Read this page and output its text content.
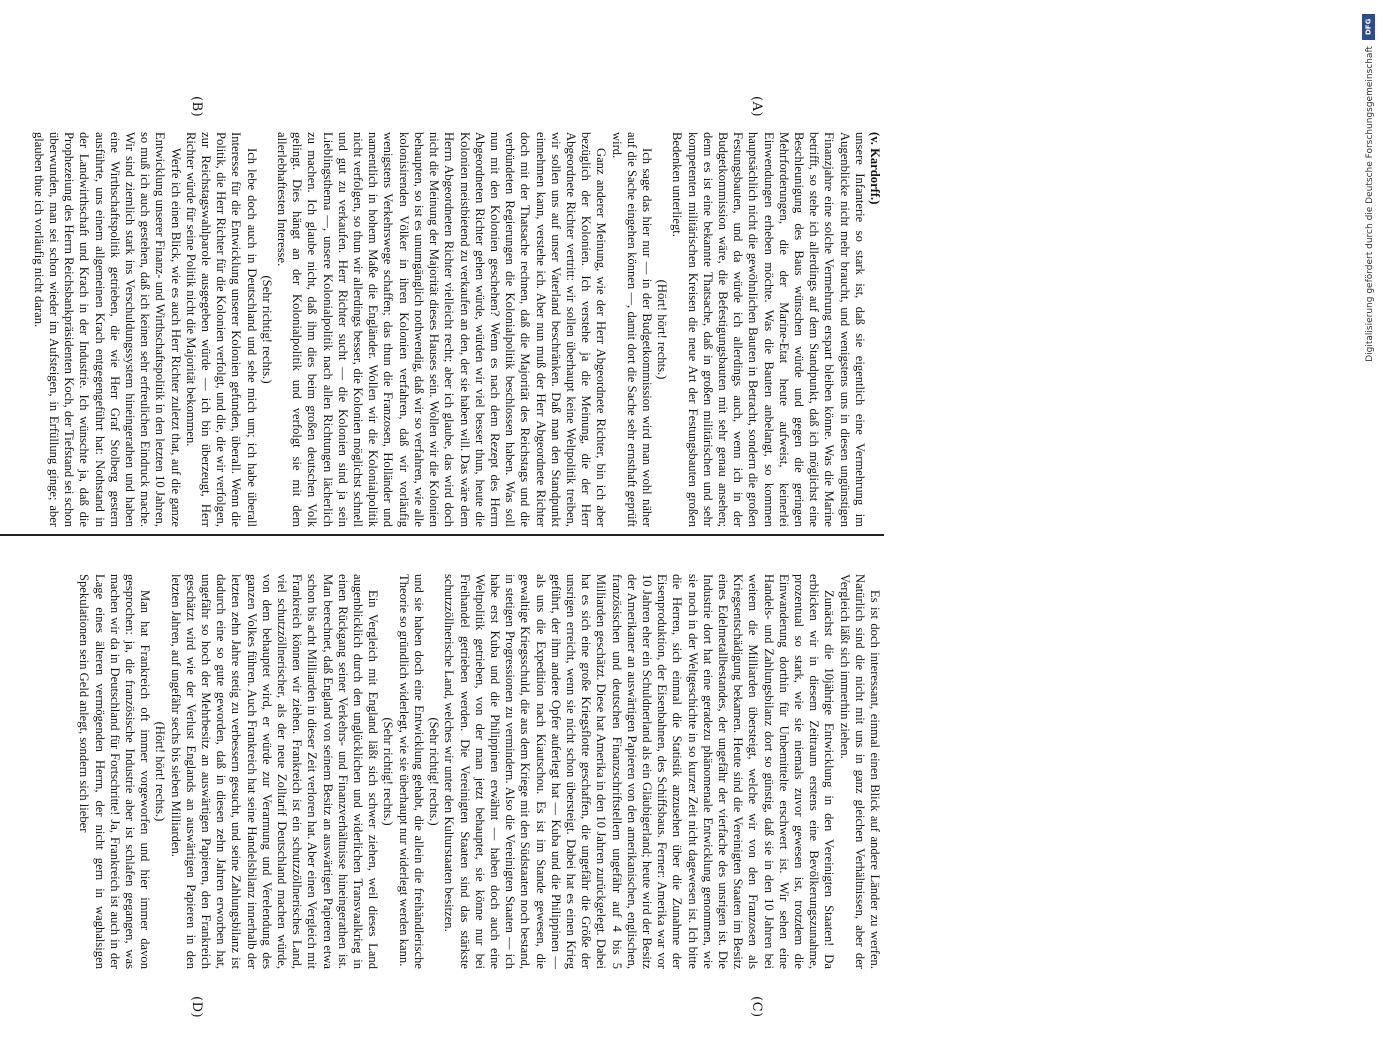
DFG
Digitalisierung gefördert durch die Deutsche Forschungsgemeinschaft
(A)
(B)
(C)
(D)

(v. Kardorff.)

unsere Infanterie so stark ist, daß sie eigentlich eine Vermehrung im Augenblicke nicht mehr braucht, und wenigstens uns in diesen ungünstigen Finanzjahre eine solche Vermehrung erspart bleiben könne. Was die Marine betrifft, so stehe ich allerdings auf dem Standpunkt, daß ich möglichst eine Beschleunigung des Baus wünschen würde und gegen die geringen Mehrforderungen, die der Marine-Etat heute aufweist, keinerlei Einwendungen erheben möchte. Was die Bauten anbelangt, so kommen hauptsächlich nicht die gewöhnlichen Bauten in Betracht, sondern die großen Festungsbauten, und da würde ich allerdings auch, wenn ich in der Budgetkommission wäre, die Befestigungsbauten mit sehr genau ansehen; denn es ist eine bekannte Thatsache, daß in großen militärischen und sehr kompetenten militärischen Kreisen die neue Art der Festungsbauten großen Bedenken unterliegt.

(Hört! hört! rechts.)

Ich sage das hier nur — in der Budgetkommission wird man wohl näher auf die Sache eingehen können —, damit dort die Sache sehr ernsthaft geprüft wird.

Ganz anderer Meinung, wie der Herr Abgeordnete Richter, bin ich aber bezüglich der Kolonien. Ich verstehe ja die Meinung, die der Herr Abgeordnete Richter vertritt: wir sollen überhaupt keine Weltpolitik treiben, wir sollen uns auf unser Vaterland beschränken. Daß man den Standpunkt einnehmen kann, verstehe ich. Aber nun muß der Herr Abgeordnete Richter doch mit der Thatsache rechnen, daß die Majorität des Reichstags und die verbündeten Regierungen die Kolonialpolitik beschlossen haben. Was soll nun mit den Kolonien geschehen? Wenn es nach dem Rezept des Herrn Abgeordneten Richter gehen würde, würden wir viel besser thun, heute die Kolonien meistbietend zu verkaufen an den, der sie haben will. Das wäre dem Herrn Abgeordneten Richter vielleicht recht; aber ich glaube, das wird doch nicht die Meinung der Majorität dieses Hauses sein. Wollen wir die Kolonien behaupten, so ist es unumgänglich nothwendig, daß wir so verfahren, wie alle kolonisirenden Völker in ihren Kolonien verfahren, daß wir vorläufig wenigstens Verkehrswege schaffen; das thun die Franzosen, Holländer und namentlich in hohem Maße die Engländer. Wollen wir die Kolonialpolitik nicht verfolgen, so thun wir allerdings besser, die Kolonien möglichst schnell und gut zu verkaufen. Herr Richter sucht — die Kolonien sind ja sein Lieblingsthema —, unsere Kolonialpolitik nach allen Richtungen lächerlich zu machen. Ich glaube nicht, daß ihm dies beim großen deutschen Volk gelingt. Dies hängt an der Kolonialpolitik und verfolgt sie mit dem allerlebhaftesten Interesse.

(Sehr richtig! rechts.)

Ich lebe doch auch in Deutschland und sehe mich um; ich habe überall Interesse für die Entwicklung unserer Kolonien gefunden, überall. Wenn die Politik, die Herr Richter für die Kolonien verfolgt, und die, die wir verfolgen, zur Reichstagswahlparole ausgegeben würde — ich bin überzeugt, Herr Richter würde für seine Politik nicht die Majorität bekommen.

Werfe ich einen Blick, wie es auch Herr Richter zuletzt that, auf die ganze Entwicklung unserer Finanz- und Wirthschaftspolitik in den letzten 10 Jahren, so muß ich auch gestehen, daß ich keinen sehr erfreulichen Eindruck mache. Wir sind ziemlich stark ins Verschuldungssystem hineingerathen und haben eine Wirthschaftspolitik getrieben, die wie Herr Graf Stolberg gestern ausführte, uns einem allgemeinen Krach entgegengeführt hat: Nothstand in der Landwirthschaft und Krach in der Industrie. Ich wünschte ja, daß die Prophezeiung des Herrn Reichsbankpräsidenten Koch, der Tiefstand sei schon überwunden, man sei schon wieder im Aufsteigen, in Erfüllung ginge; aber glauben thue ich vorläufig nicht daran.

Es ist doch interessant, einmal einen Blick auf andere Länder zu werfen. Natürlich sind die nicht mit uns in ganz gleichen Verhältnissen, aber der Vergleich läßt sich immerhin ziehen.

Zunächst die 10jährige Entwicklung in den Vereinigten Staaten! Da erblicken wir in diesem Zeitraum erstens eine Bevölkerungszunahme, prozentual so stark, wie sie niemals zuvor gewesen ist, trotzdem die Einwanderung dorthin für Unbemittelte erschwert ist. Wir sehen eine Handels- und Zahlungsbilanz dort so günstig, daß sie in den 10 Jahren bei weitem die Milliarden übersteigt, welche wir von den Franzosen als Kriegsentschädigung bekamen. Heute sind die Vereinigten Staaten im Besitz eines Edelmetallbestandes, der ungefähr der vierfache des unsrigen ist. Die Industrie dort hat eine geradezu phänomenale Entwicklung genommen, wie sie noch in der Weltgeschichte in so kurzer Zeit nicht dagewesen ist. Ich bitte die Herren, sich einmal die Statistik anzusehen über die Zunahme der Eisenproduktion, der Eisenbahnen, des Schiffsbaus. Ferner: Amerika war vor 10 Jahren eher ein Schuldnerland als ein Gläubigerland; heute wird der Besitz der Amerikaner an auswärtigen Papieren von den amerikanischen, englischen, französischen und deutschen Finanzschriftstellern ungefähr auf 4 bis 5 Milliarden geschätzt. Diese hat Amerika in den 10 Jahren zurückgelegt. Dabei hat es sich eine große Kriegsflotte geschaffen, die ungefähr die Größe der unsrigen erreicht, wenn sie nicht schon übersteigt. Dabei hat es einen Krieg geführt, der ihm andere Opfer auferlegt hat — Kuba und die Philippinen — als uns die Expedition nach Kiautschou. Es ist im Stande gewesen, die gewaltige Kriegsschuld, die aus dem Kriege mit den Südstaaten noch bestand, in stetigen Progressionen zu vermindern. Also die Vereinigten Staaten — ich habe erst Kuba und die Philippinen erwähnt — haben doch auch eine Weltpolitik getrieben, von der man jetzt behauptet, sie könne nur bei Freihandel getrieben werden. Die Vereinigten Staaten sind das stärkste schutzzöllnerische Land, welches wir unter den Kulturstaaten besitzen.

(Sehr richtig! rechts.)

und sie haben doch eine Entwicklung gehabt, die allein die freihändlerische Theorie so gründlich widerlegt, wie sie überhaupt nur widerlegt werden kann.

(Sehr richtig! rechts.)

Ein Vergleich mit England läßt sich schwer ziehen, weil dieses Land augenblicklich durch den unglücklichen und widerlichen Transvaalkrieg in einen Rückgang seiner Verkehrs- und Finanzverhältnisse hineingerathen ist. Man berechnet, daß England von seinem Besitz an auswärtigen Papieren etwa schon bis acht Milliarden in dieser Zeit verloren hat. Aber einen Vergleich mit Frankreich können wir ziehen. Frankreich ist ein schutzzöllnerisches Land, viel schutzzöllnerischer, als der neue Zolltarif Deutschland machen würde, von dem behauptet wird, er würde zur Verarmung und Verelendung des ganzen Volkes führen. Auch Frankreich hat seine Handelsbilanz innerhalb der letzten zehn Jahre stetig zu verbessern gesucht, und seine Zahlungsbilanz ist dadurch eine so gute geworden, daß in diesen zehn Jahren erworben hat, ungefähr so hoch der Mehrbesitz an auswärtigen Papieren, den Frankreich geschätzt wird wie der Verlust Englands an auswärtigen Papieren in den letzten Jahren, auf ungefähr sechs bis sieben Milliarden.

(Hört! hört! rechts.)

Man hat Frankreich oft immer vorgeworfen und hier immer davon gesprochen: ja, die französische Industrie aber ist schlafen gegangen, was machen wir da in Deutschland für Fortschritte! Ja, Frankreich ist auch in der Lage eines älteren vermögenden Herrn, der nicht gern in waghalsigen Spekulationen sein Geld anlegt, sondern sich lieber
